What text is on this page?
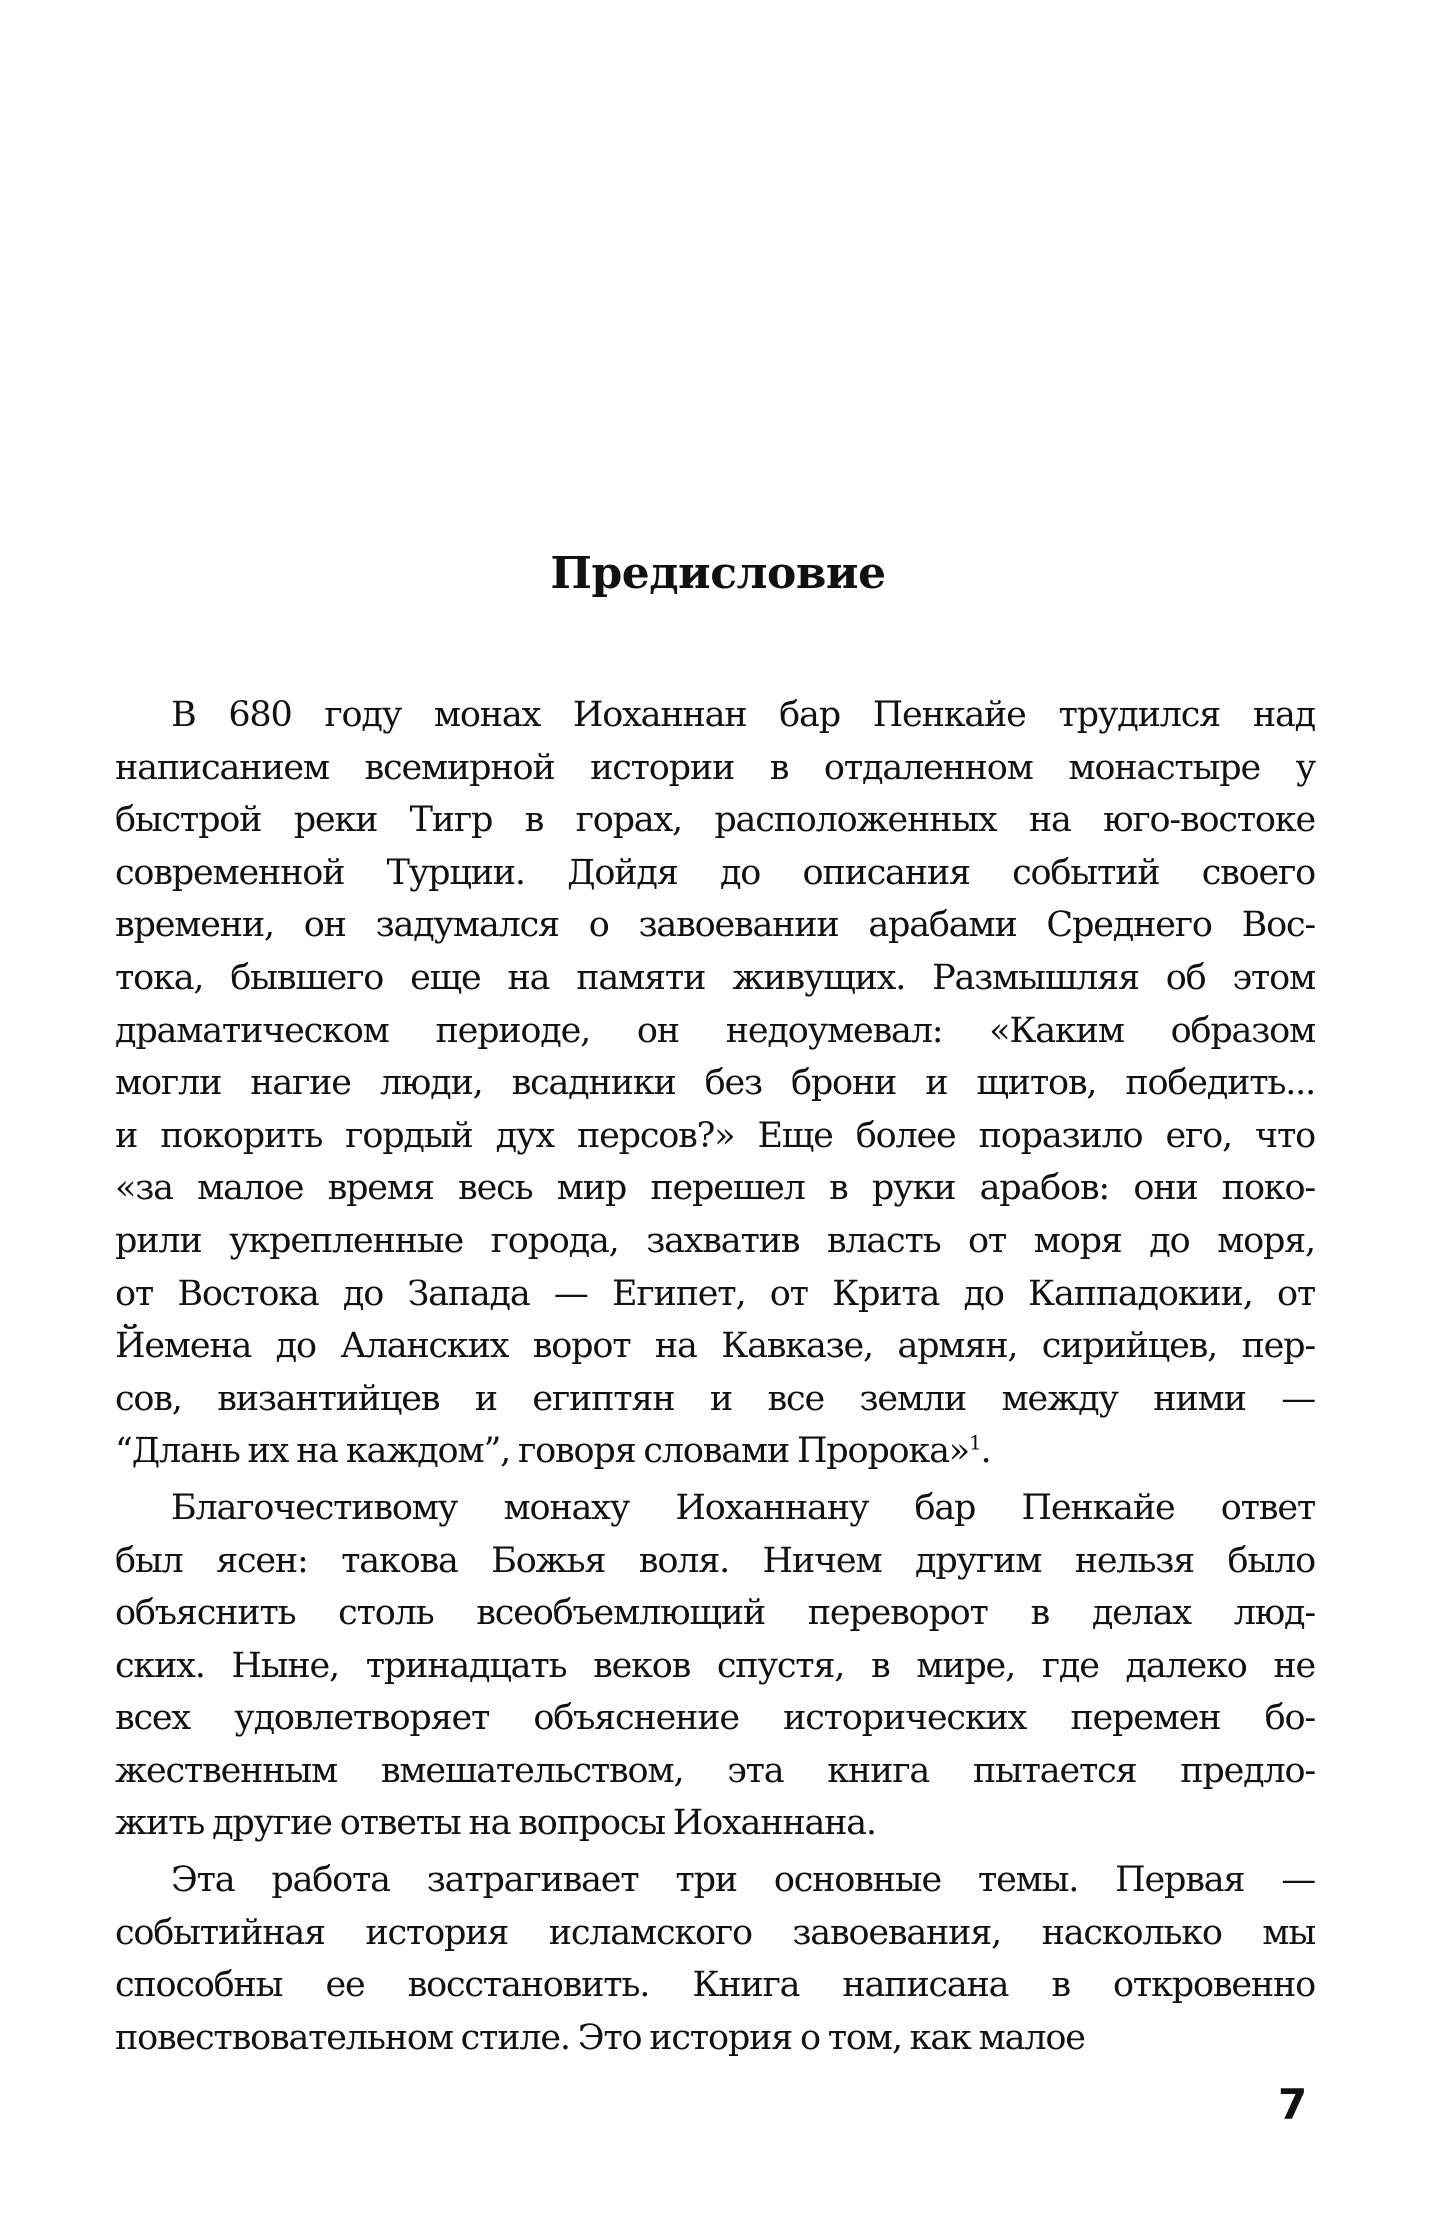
Предисловие
В 680 году монах Иоханнан бар Пенкайе трудился над
написанием всемирной истории в отдаленном монастыре у
быстрой реки Тигр в горах, расположенных на юго-востоке
современной Турции. Дойдя до описания событий своего
времени, он задумался о завоевании арабами Среднего Вос-
тока, бывшего еще на памяти живущих. Размышляя об этом
драматическом периоде, он недоумевал: «Каким образом
могли нагие люди, всадники без брони и щитов, победить...
и покорить гордый дух персов?» Еще более поразило его, что
«за малое время весь мир перешел в руки арабов: они поко-
рили укрепленные города, захватив власть от моря до моря,
от Востока до Запада — Египет, от Крита до Каппадокии, от
Йемена до Аланских ворот на Кавказе, армян, сирийцев, пер-
сов, византийцев и египтян и все земли между ними —
“Длань их на каждом”, говоря словами Пророка»$^1$.
Благочестивому монаху Иоханнану бар Пенкайе ответ
был ясен: такова Божья воля. Ничем другим нельзя было
объяснить столь всеобъемлющий переворот в делах люд-
ских. Ныне, тринадцать веков спустя, в мире, где далеко не
всех удовлетворяет объяснение исторических перемен бо-
жественным вмешательством, эта книга пытается предло-
жить другие ответы на вопросы Иоханнана.
Эта работа затрагивает три основные темы. Первая —
событийная история исламского завоевания, насколько мы
способны ее восстановить. Книга написана в откровенно
повествовательном стиле. Это история о том, как малое
7
